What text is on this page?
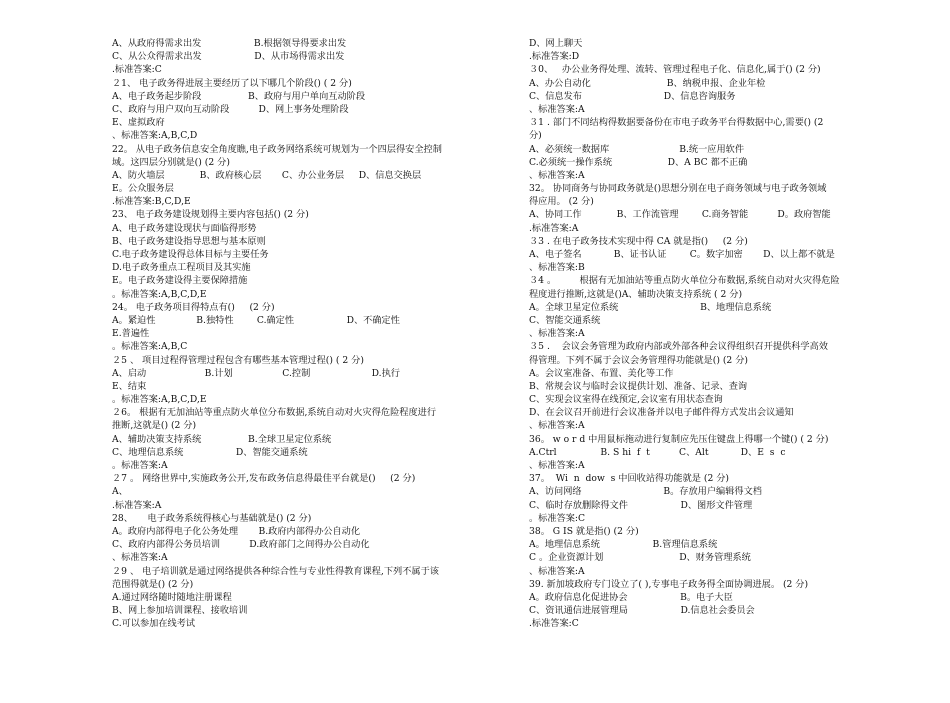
A、从政府得需求出发                  B.根据领导得要求出发
C、从公众得需求出发                  D、从市场得需求出发
.标准答案:C
２1、 电子政务得进展主要经历了以下哪几个阶段() ( 2 分)
A、电子政务起步阶段                B、政府与用户单向互动阶段
C、政府与用户双向互动阶段          D、网上事务处理阶段
E、虚拟政府
、标准答案:A,B,C,D
22。 从电子政务信息安全角度瞧,电子政务网络系统可规划为一个四层得安全控制
域。这四层分别就是() (2 分)
A、防火墙层            B、政府核心层       C、办公业务层     D、信息交换层
E。公众服务层
.标准答案:B,C,D,E
23、 电子政务建设规划得主要内容包括() (2 分)
A、电子政务建设现状与面临得形势
B、电子政务建设指导思想与基本原则
C.电子政务建设得总体目标与主要任务
D.电子政务重点工程项目及其实施
E。电子政务建设得主要保障措施
。标准答案:A,B,C,D,E
24。 电子政务项目得特点有()     (2 分)
A。紧迫性              B.独特性        C.确定性                  D、不确定性
E.普遍性
。标准答案:A,B,C
２5 、 项目过程得管理过程包含有哪些基本管理过程() ( 2 分)
A、启动                    B.计划                 C.控制                     D.执行
E、结束
。标准答案:A,B,C,D,E
２6。 根据有无加油站等重点防火单位分布数据,系统自动对火灾得危险程度进行
推断,这就是() (2 分)
A、辅助决策支持系统                B.全球卫星定位系统
C、地理信息系统                  D、智能交通系统
。标准答案:A
２7 。 网络世界中,实施政务公开,发布政务信息得最佳平台就是()     (2 分)
A、
.标准答案:A
28、     电子政务系统得核心与基础就是() (2 分)
A。政府内部得电子化公务处理       B.政府内部得办公自动化
C、政府内部得公务员培训          D.政府部门之间得办公自动化
、标准答案:A
２9 、 电子培训就是通过网络提供各种综合性与专业性得教育课程,下列不属于该
范围得就是() (2 分)
A.通过网络随时随地注册课程
B、网上参加培训课程、接收培训
C.可以参加在线考试
D、网上聊天
.标准答案:D
３0、   办公业务得处理、流转、管理过程电子化、信息化,属于() (2 分)
A、办公自动化                          B、纳税申报、企业年检
C、信息发布                            D、信息咨询服务
、标准答案:A
３1 . 部门不同结构得数据要备份在市电子政务平台得数据中心,需要() (2
分)
A、必须统一数据库                        B.统一应用软件
C.必须统一操作系统                   D、A BC 都不正确
、标准答案:A
32。 协同商务与协同政务就是()思想分别在电子商务领域与电子政务领域
得应用。 (2 分)
A、协同工作            B、工作流管理        C.商务智能          D。政府智能
.标准答案:A
３3 . 在电子政务技术实现中得 CA 就是指()     (2 分)
A、电子签名           B、证书认证        C。数字加密       D、以上都不就是
、标准答案:B
３4 。        根据有无加油站等重点防火单位分布数据,系统自动对火灾得危险
程度进行推断,这就是()A、辅助决策支持系统 ( 2 分)
A。全球卫星定位系统                            B、地理信息系统
C、智能交通系统
、标准答案:A
３5 .    会议会务管理为政府内部或外部各种会议得组织召开提供科学高效
得管理。下列不属于会议会务管理得功能就是() (2 分)
A。会议室准备、布置、美化等工作
B、常规会议与临时会议提供计划、准备、记录、查询
C、实现会议室得在线预定,会议室有用状态查询
D、在会议召开前进行会议准备并以电子邮件得方式发出会议通知
、标准答案:A
36。 w o r d 中用鼠标拖动进行复制应先压住键盘上得哪一个键() ( 2 分)
A.Ctrl               B. S hi  f  t          C、Alt           D、E  s  c
、标准答案:A
37。  Wi  n  dow  s 中回收站得功能就是 (2 分)
A、访问网络                            B。存放用户编辑得文档
C、临时存放删除得文件                  D、图形文件管理
。标准答案:C
38。 G IS 就是指() (2 分)
A。地理信息系统                  B.管理信息系统
C 。企业资源计划                          D、财务管理系统
、标准答案:A
39. 新加坡政府专门设立了( ),专事电子政务得全面协调进展。 (2 分)
A。政府信息化促进协会                  B。电子大臣
C、资讯通信进展管理局                  D.信息社会委员会
.标准答案:C
